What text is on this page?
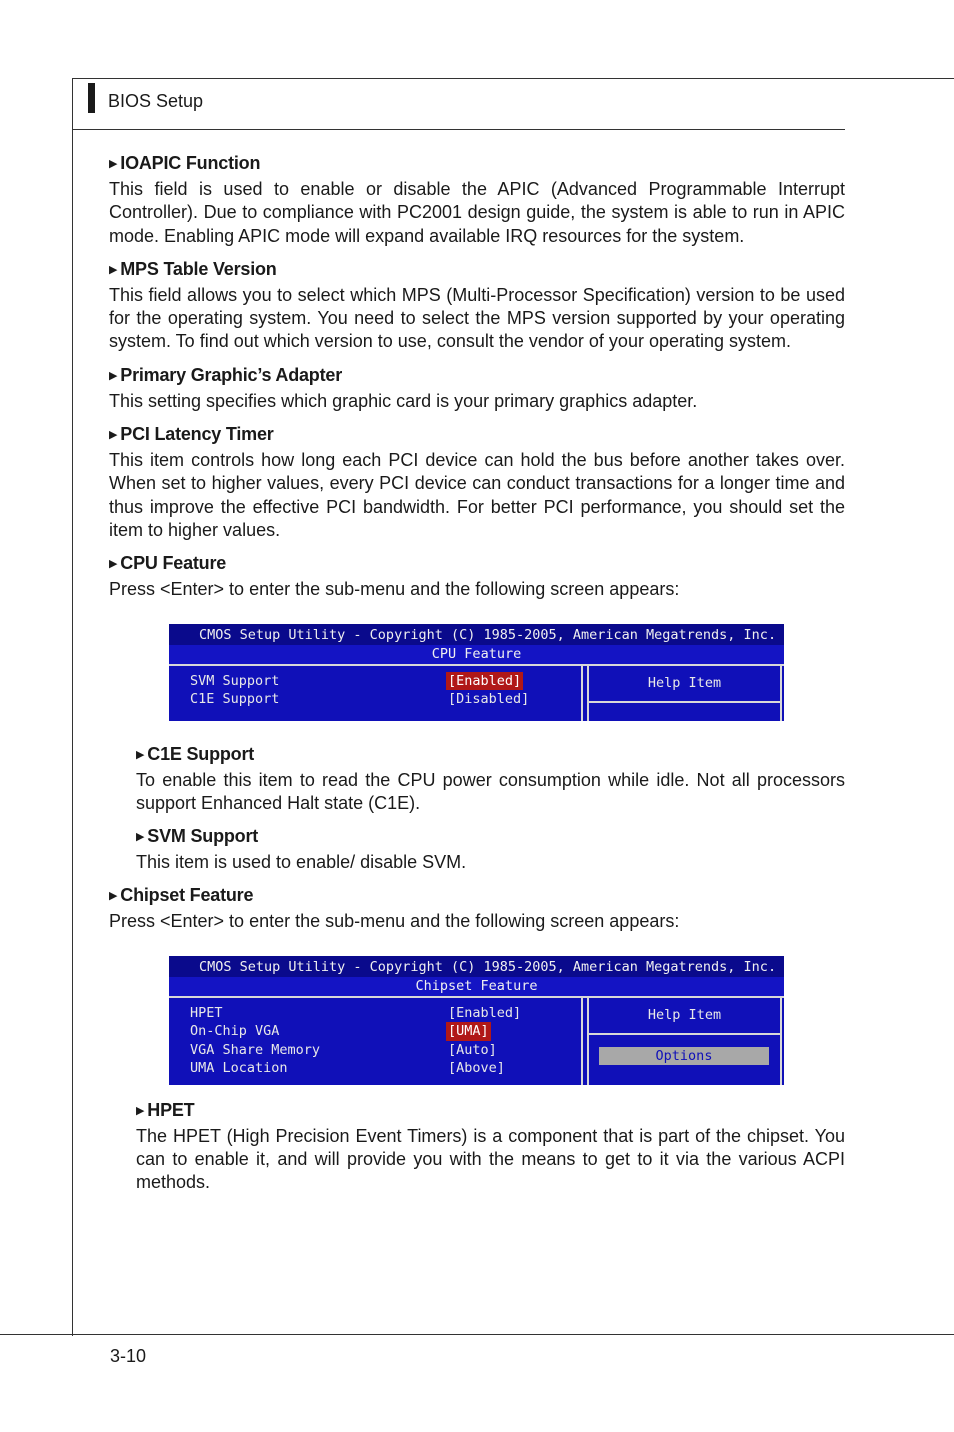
BIOS Setup

▶ IOAPIC Function

This field is used to enable or disable the APIC (Advanced Programmable Interrupt Controller). Due to compliance with PC2001 design guide, the system is able to run in APIC mode. Enabling APIC mode will expand available IRQ resources for the system.

▶ MPS Table Version

This field allows you to select which MPS (Multi-Processor Specification) version to be used for the operating system. You need to select the MPS version supported by your operating system. To find out which version to use, consult the vendor of your operating system.

▶ Primary Graphic’s Adapter

This setting specifies which graphic card is your primary graphics adapter.

▶ PCI Latency Timer

This item controls how long each PCI device can hold the bus before another takes over. When set to higher values, every PCI device can conduct transactions for a longer time and thus improve the effective PCI bandwidth. For better PCI performance, you should set the item to higher values.

▶ CPU Feature

Press <Enter> to enter the sub-menu and the following screen appears:

CMOS Setup Utility - Copyright (C) 1985-2005, American Megatrends, Inc.
CPU Feature
SVM Support	[Enabled]
C1E Support	[Disabled]
Help Item

▶ C1E Support

To enable this item to read the CPU power consumption while idle. Not all processors support Enhanced Halt state (C1E).

▶ SVM Support

This item is used to enable/ disable SVM.

▶ Chipset Feature

Press <Enter> to enter the sub-menu and the following screen appears:

CMOS Setup Utility - Copyright (C) 1985-2005, American Megatrends, Inc.
Chipset Feature
HPET	[Enabled]
On-Chip VGA	[UMA]
VGA Share Memory	[Auto]
UMA Location	[Above]
Help Item
Options

▶ HPET

The HPET (High Precision Event Timers) is a component that is part of the chipset. You can to enable it, and will provide you with the means to get to it via the various ACPI methods.

3-10
